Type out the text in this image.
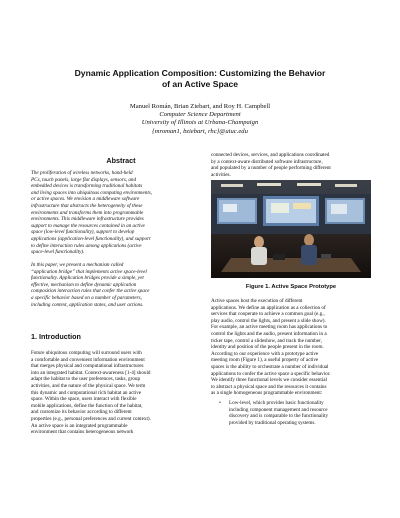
Dynamic Application Composition: Customizing the Behavior
of an Active Space
Manuel Román, Brian Ziebart, and Roy H. Campbell
Computer Science Department
University of Illinois at Urbana-Champaign
{mroman1, bziebart, rhc}@uiuc.edu
Abstract
The proliferation of wireless networks, hand-held
PCs, touch panels, large flat displays, sensors, and
embedded devices is transforming traditional habitats
and living spaces into ubiquitous computing environments,
or active spaces. We envision a middleware software
infrastructure that abstracts the heterogeneity of these
environments and transforms them into programmable
environments. This middleware infrastructure provides
support to manage the resources contained in an active
space (low-level functionality), support to develop
applications (application-level functionality), and support
to define interaction rules among applications (active
space-level functionality).
In this paper, we present a mechanism called
“application bridge” that implements active space-level
functionality. Application bridges provide a simple, yet
effective, mechanism to define dynamic application
composition interaction rules that confer the active space
a specific behavior based on a number of parameters,
including context, application states, and user actions.
1. Introduction
Future ubiquitous computing will surround users with
a comfortable and convenient information environment
that merges physical and computational infrastructures
into an integrated habitat. Context-awareness [1-4] should
adapt the habitat to the user preferences, tasks, group
activities, and the nature of the physical space. We term
this dynamic and computational rich habitat an active
space. Within the space, users interact with flexible
mobile applications, define the function of the habitat,
and customize its behavior according to different
properties (e.g., personal preferences and current context).
An active space is an integrated programmable
environment that contains heterogeneous network
connected devices, services, and applications coordinated
by a context-aware distributed software infrastructure,
and populated by a number of people performing different
activities.
Figure 1. Active Space Prototype
Active spaces host the execution of different
applications. We define an application as a collection of
services that cooperate to achieve a common goal (e.g.,
play audio, control the lights, and present a slide show).
For example, an active meeting room has applications to
control the lights and the audio, present information in a
ticker tape, control a slideshow, and track the number,
identity and position of the people present in the room.
According to our experience with a prototype active
meeting room (Figure 1), a useful property of active
spaces is the ability to orchestrate a number of individual
applications to confer the active space a specific behavior.
We identify three functional levels we consider essential
to abstract a physical space and the resources it contains
as a single homogeneous programmable environment:
• Low-level, which provides basic functionality
including component management and resource
discovery and is comparable to the functionality
provided by traditional operating systems.
